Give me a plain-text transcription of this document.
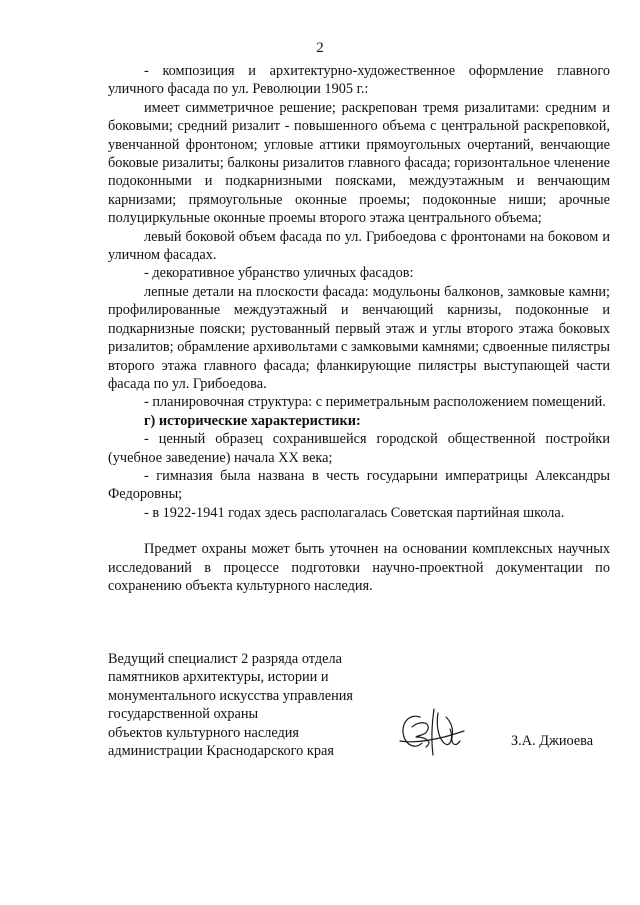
2

- композиция и архитектурно-художественное оформление главного уличного фасада по ул. Революции 1905 г.:

имеет симметричное решение; раскрепован тремя ризалитами: средним и боковыми; средний ризалит - повышенного объема с центральной раскреповкой, увенчанной фронтоном; угловые аттики прямоугольных очертаний, венчающие боковые ризалиты; балконы ризалитов главного фасада; горизонтальное членение подоконными и подкарнизными поясками, междуэтажным и венчающим карнизами; прямоугольные оконные проемы; подоконные ниши; арочные полуциркульные оконные проемы второго этажа центрального объема;

левый боковой объем фасада по ул. Грибоедова с фронтонами на боковом и уличном фасадах.

- декоративное убранство уличных фасадов:

лепные детали на плоскости фасада: модульоны балконов, замковые камни; профилированные междуэтажный и венчающий карнизы, подоконные и подкарнизные пояски; рустованный первый этаж и углы второго этажа боковых ризалитов; обрамление архивольтами с замковыми камнями; сдвоенные пилястры второго этажа главного фасада; фланкирующие пилястры выступающей части фасада по ул. Грибоедова.

- планировочная структура: с периметральным расположением помещений.

г) исторические характеристики:

- ценный образец сохранившейся городской общественной постройки (учебное заведение) начала XX века;

- гимназия была названа в честь государыни императрицы Александры Федоровны;

- в 1922-1941 годах здесь располагалась Советская партийная школа.

Предмет охраны может быть уточнен на основании комплексных научных исследований в процессе подготовки научно-проектной документации по сохранению объекта культурного наследия.

Ведущий специалист 2 разряда отдела
памятников архитектуры, истории и
монументального искусства управления
государственной охраны
объектов культурного наследия
администрации Краснодарского края
З.А. Джиоева
